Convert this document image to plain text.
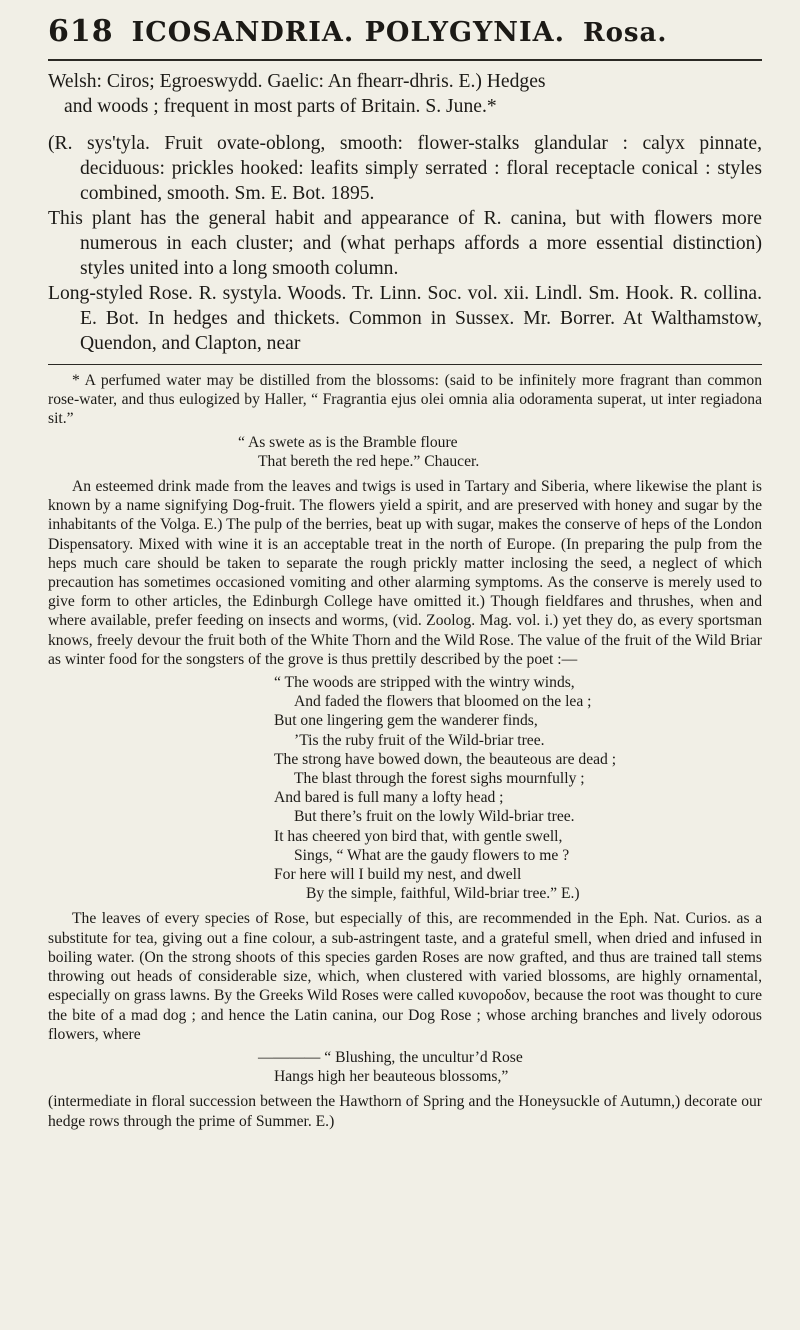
618 ICOSANDRIA. POLYGYNIA. Rosa.

Welsh: Ciros; Egroeswydd. Gaelic: An fhearr-dhris. E.) Hedges

and woods ; frequent in most parts of Britain. S. June.*

(R. sys'tyla. Fruit ovate-oblong, smooth: flower-stalks glandular : calyx pinnate, deciduous: prickles hooked: leafits simply serrated : floral receptacle conical : styles combined, smooth. Sm. E. Bot. 1895.

This plant has the general habit and appearance of R. canina, but with flowers more numerous in each cluster; and (what perhaps affords a more essential distinction) styles united into a long smooth column.

Long-styled Rose. R. systyla. Woods. Tr. Linn. Soc. vol. xii. Lindl. Sm. Hook. R. collina. E. Bot. In hedges and thickets. Common in Sussex. Mr. Borrer. At Walthamstow, Quendon, and Clapton, near

* A perfumed water may be distilled from the blossoms: (said to be infinitely more fragrant than common rose-water, and thus eulogized by Haller, “ Fragrantia ejus olei omnia alia odoramenta superat, ut inter regiadona sit.”

“ As swete as is the Bramble floure
That bereth the red hepe.” Chaucer.

An esteemed drink made from the leaves and twigs is used in Tartary and Siberia, where likewise the plant is known by a name signifying Dog-fruit. The flowers yield a spirit, and are preserved with honey and sugar by the inhabitants of the Volga. E.) The pulp of the berries, beat up with sugar, makes the conserve of heps of the London Dispensatory. Mixed with wine it is an acceptable treat in the north of Europe. (In preparing the pulp from the heps much care should be taken to separate the rough prickly matter inclosing the seed, a neglect of which precaution has sometimes occasioned vomiting and other alarming symptoms. As the conserve is merely used to give form to other articles, the Edinburgh College have omitted it.) Though fieldfares and thrushes, when and where available, prefer feeding on insects and worms, (vid. Zoolog. Mag. vol. i.) yet they do, as every sportsman knows, freely devour the fruit both of the White Thorn and the Wild Rose. The value of the fruit of the Wild Briar as winter food for the songsters of the grove is thus prettily described by the poet :—

“ The woods are stripped with the wintry winds,
And faded the flowers that bloomed on the lea ;
But one lingering gem the wanderer finds,
’Tis the ruby fruit of the Wild-briar tree.
The strong have bowed down, the beauteous are dead ;
The blast through the forest sighs mournfully ;
And bared is full many a lofty head ;
But there’s fruit on the lowly Wild-briar tree.
It has cheered yon bird that, with gentle swell,
Sings, “ What are the gaudy flowers to me ?
For here will I build my nest, and dwell
By the simple, faithful, Wild-briar tree.” E.)

The leaves of every species of Rose, but especially of this, are recommended in the Eph. Nat. Curios. as a substitute for tea, giving out a fine colour, a sub-astringent taste, and a grateful smell, when dried and infused in boiling water. (On the strong shoots of this species garden Roses are now grafted, and thus are trained tall stems throwing out heads of considerable size, which, when clustered with varied blossoms, are highly ornamental, especially on grass lawns. By the Greeks Wild Roses were called κυνοροδον, because the root was thought to cure the bite of a mad dog ; and hence the Latin canina, our Dog Rose ; whose arching branches and lively odorous flowers, where

———— “ Blushing, the uncultur’d Rose
Hangs high her beauteous blossoms,”

(intermediate in floral succession between the Hawthorn of Spring and the Honeysuckle of Autumn,) decorate our hedge rows through the prime of Summer. E.)
